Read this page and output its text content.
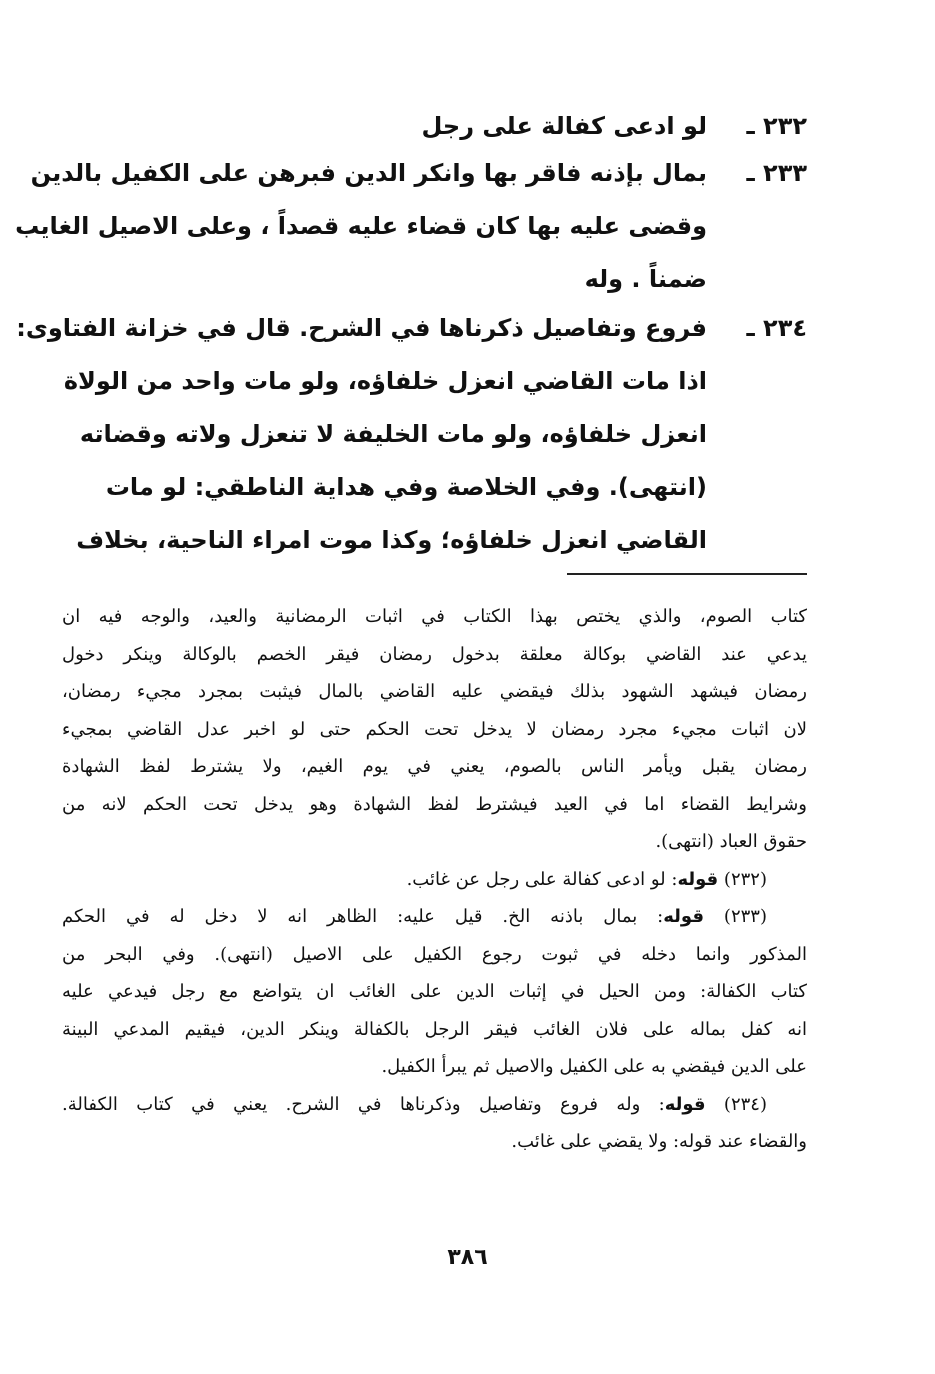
٢٣٢ ـ
لو ادعى كفالة على رجل
٢٣٣ ـ
بمال بإذنه فاقر بها وانكر الدين فبرهن على الكفيل بالدين
وقضى عليه بها كان قضاء عليه قصداً ، وعلى الاصيل الغايب
ضمناً . وله
٢٣٤ ـ
فروع وتفاصيل ذكرناها في الشرح. قال في خزانة الفتاوى:
اذا مات القاضي انعزل خلفاؤه، ولو مات واحد من الولاة
انعزل خلفاؤه، ولو مات الخليفة لا تنعزل ولاته وقضاته
(انتهى). وفي الخلاصة وفي هداية الناطقي: لو مات
القاضي انعزل خلفاؤه؛ وكذا موت امراء الناحية، بخلاف
كتاب الصوم، والذي يختص بهذا الكتاب في اثبات الرمضانية والعيد، والوجه فيه ان
يدعي عند القاضي بوكالة معلقة بدخول رمضان فيقر الخصم بالوكالة وينكر دخول
رمضان فيشهد الشهود بذلك فيقضي عليه القاضي بالمال فيثبت بمجرد مجيء رمضان،
لان اثبات مجيء مجرد رمضان لا يدخل تحت الحكم حتى لو اخبر عدل القاضي بمجيء
رمضان يقبل ويأمر الناس بالصوم، يعني في يوم الغيم، ولا يشترط لفظ الشهادة
وشرايط القضاء اما في العيد فيشترط لفظ الشهادة وهو يدخل تحت الحكم لانه من
حقوق العباد (انتهى).
(٢٣٢) قوله: لو ادعى كفالة على رجل عن غائب.
(٢٣٣) قوله: بمال باذنه الخ. قيل عليه: الظاهر انه لا دخل له في الحكم
المذكور وانما دخله في ثبوت رجوع الكفيل على الاصيل (انتهى). وفي البحر من
كتاب الكفالة: ومن الحيل في إثبات الدين على الغائب ان يتواضع مع رجل فيدعي عليه
انه كفل بماله على فلان الغائب فيقر الرجل بالكفالة وينكر الدين، فيقيم المدعي البينة
على الدين فيقضي به على الكفيل والاصيل ثم يبرأ الكفيل.
(٢٣٤) قوله: وله فروع وتفاصيل وذكرناها في الشرح. يعني في كتاب الكفالة.
والقضاء عند قوله: ولا يقضي على غائب.
٣٨٦
